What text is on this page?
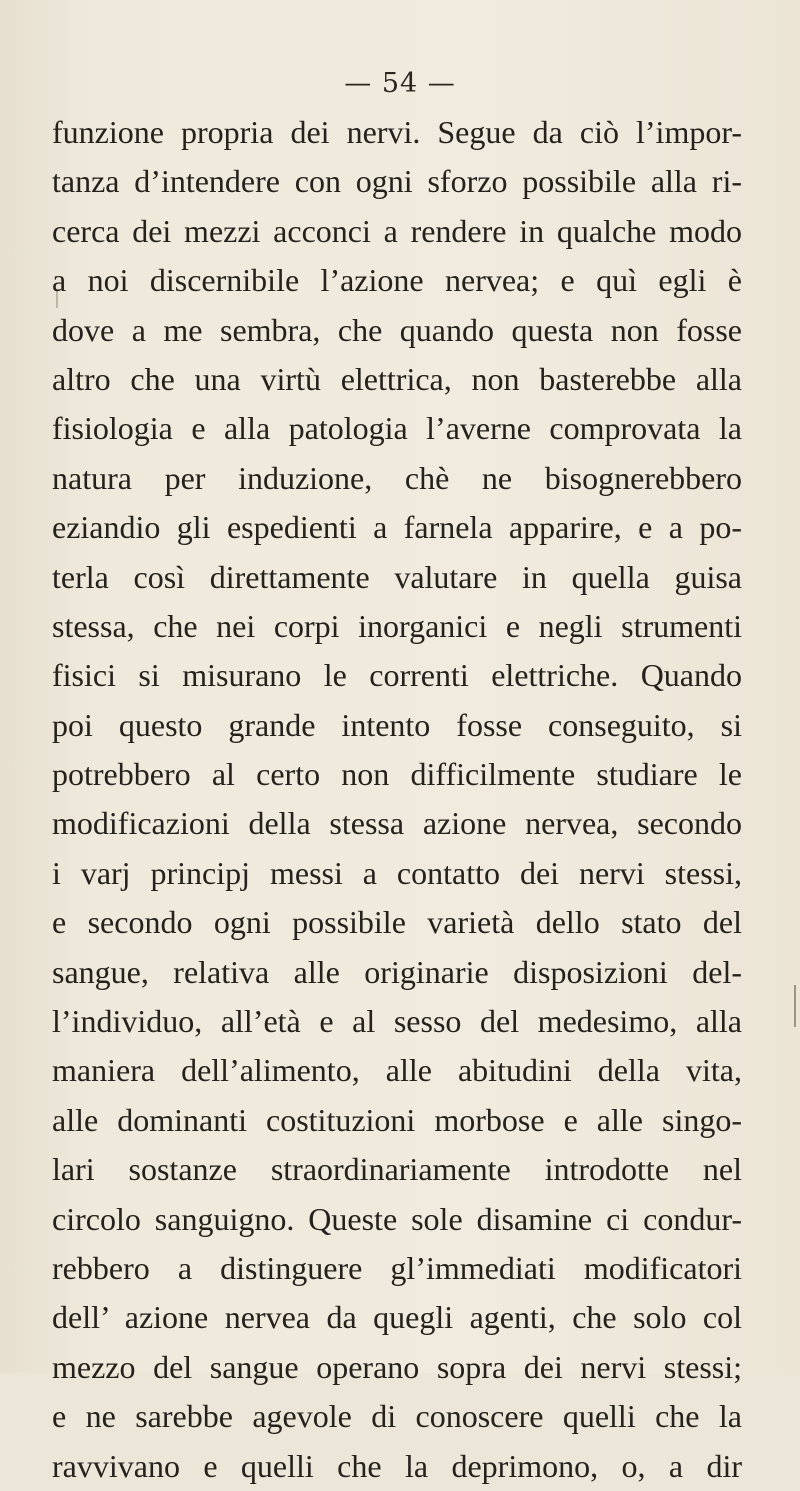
— 54 —
funzione propria dei nervi. Segue da ciò l’impor-
tanza d’intendere con ogni sforzo possibile alla ri-
cerca dei mezzi acconci a rendere in qualche modo
a noi discernibile l’azione nervea; e quì egli è
dove a me sembra, che quando questa non fosse
altro che una virtù elettrica, non basterebbe alla
fisiologia e alla patologia l’averne comprovata la
natura per induzione, chè ne bisognerebbero
eziandio gli espedienti a farnela apparire, e a po-
terla così direttamente valutare in quella guisa
stessa, che nei corpi inorganici e negli strumenti
fisici si misurano le correnti elettriche. Quando
poi questo grande intento fosse conseguito, si
potrebbero al certo non difficilmente studiare le
modificazioni della stessa azione nervea, secondo
i varj principj messi a contatto dei nervi stessi,
e secondo ogni possibile varietà dello stato del
sangue, relativa alle originarie disposizioni del-
l’individuo, all’età e al sesso del medesimo, alla
maniera dell’alimento, alle abitudini della vita,
alle dominanti costituzioni morbose e alle singo-
lari sostanze straordinariamente introdotte nel
circolo sanguigno. Queste sole disamine ci condur-
rebbero a distinguere gl’immediati modificatori
dell’ azione nervea da quegli agenti, che solo col
mezzo del sangue operano sopra dei nervi stessi;
e ne sarebbe agevole di conoscere quelli che la
ravvivano e quelli che la deprimono, o, a dir
